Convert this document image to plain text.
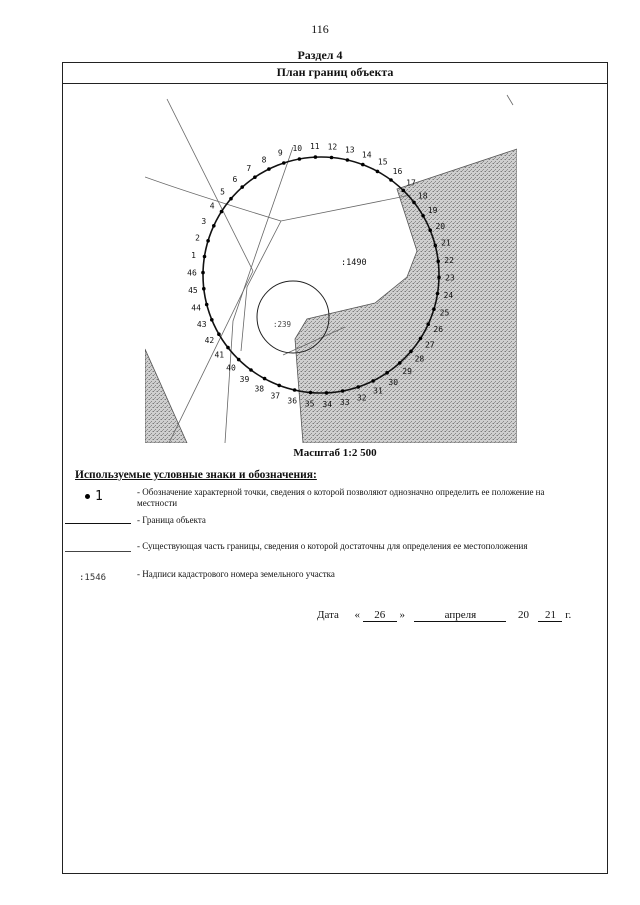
116
Раздел 4
План границ объекта
:239
1
2
3
4
5
6
7
8
9 10 11 12 13
14
15
16
17
18
19
20
21
22
23
24
25
26
27
28
29
30
31
32
33
34
35
36
37
38
39
40
41
42
43
44
45
46
:1490
Масштаб 1:2 500
Используемые условные знаки и обозначения:
1	- Обозначение характерной точки, сведения о которой позволяют однозначно определить ее положение на местности
- Граница объекта
- Существующая часть границы, сведения о которой достаточны для определения ее местоположения
:1546	- Надписи кадастрового номера земельного участка
Дата « 26 »	апреля	20 21 г.
